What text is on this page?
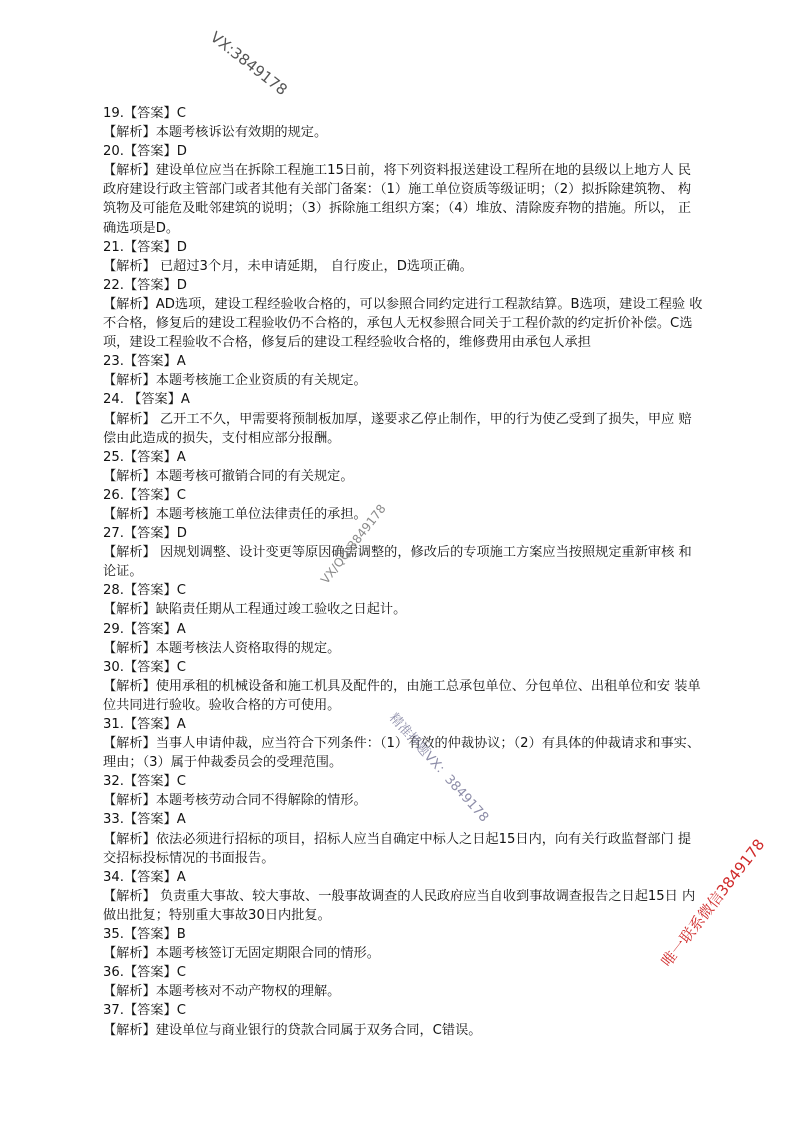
19.【答案】C
【解析】本题考核诉讼有效期的规定。
20.【答案】D
【解析】建设单位应当在拆除工程施工15日前，将下列资料报送建设工程所在地的县级以上地方人 民政府建设行政主管部门或者其他有关部门备案：（1）施工单位资质等级证明；（2）拟拆除建筑物、 构筑物及可能危及毗邻建筑的说明；（3）拆除施工组织方案；（4）堆放、清除废弃物的措施。所以， 正确选项是D。
21.【答案】D
【解析】 已超过3个月，未申请延期， 自行废止，D选项正确。
22.【答案】D
【解析】AD选项，建设工程经验收合格的，可以参照合同约定进行工程款结算。B选项，建设工程验 收不合格，修复后的建设工程验收仍不合格的，承包人无权参照合同关于工程价款的约定折价补偿。C选项，建设工程验收不合格，修复后的建设工程经验收合格的，维修费用由承包人承担
23.【答案】A
【解析】本题考核施工企业资质的有关规定。
24. 【答案】A
【解析】 乙开工不久，甲需要将预制板加厚，遂要求乙停止制作，甲的行为使乙受到了损失，甲应 赔偿由此造成的损失，支付相应部分报酬。
25.【答案】A
【解析】本题考核可撤销合同的有关规定。
26.【答案】C
【解析】本题考核施工单位法律责任的承担。
27.【答案】D
【解析】 因规划调整、设计变更等原因确需调整的，修改后的专项施工方案应当按照规定重新审核 和论证。
28.【答案】C
【解析】缺陷责任期从工程通过竣工验收之日起计。
29.【答案】A
【解析】本题考核法人资格取得的规定。
30.【答案】C
【解析】使用承租的机械设备和施工机具及配件的，由施工总承包单位、分包单位、出租单位和安 装单位共同进行验收。验收合格的方可使用。
31.【答案】A
【解析】当事人申请仲裁，应当符合下列条件：（1）有效的仲裁协议；（2）有具体的仲裁请求和事实、理由；（3）属于仲裁委员会的受理范围。
32.【答案】C
【解析】本题考核劳动合同不得解除的情形。
33.【答案】A
【解析】依法必须进行招标的项目，招标人应当自确定中标人之日起15日内，向有关行政监督部门 提交招标投标情况的书面报告。
34.【答案】A
【解析】 负责重大事故、较大事故、一般事故调查的人民政府应当自收到事故调查报告之日起15日 内做出批复；特别重大事故30日内批复。
35.【答案】B
【解析】本题考核签订无固定期限合同的情形。
36.【答案】C
【解析】本题考核对不动产物权的理解。
37.【答案】C
【解析】建设单位与商业银行的贷款合同属于双务合同，C错误。
VX:3849178
VX/QQ:3849178
精准押题VX：3849178
唯一联系微信3849178
